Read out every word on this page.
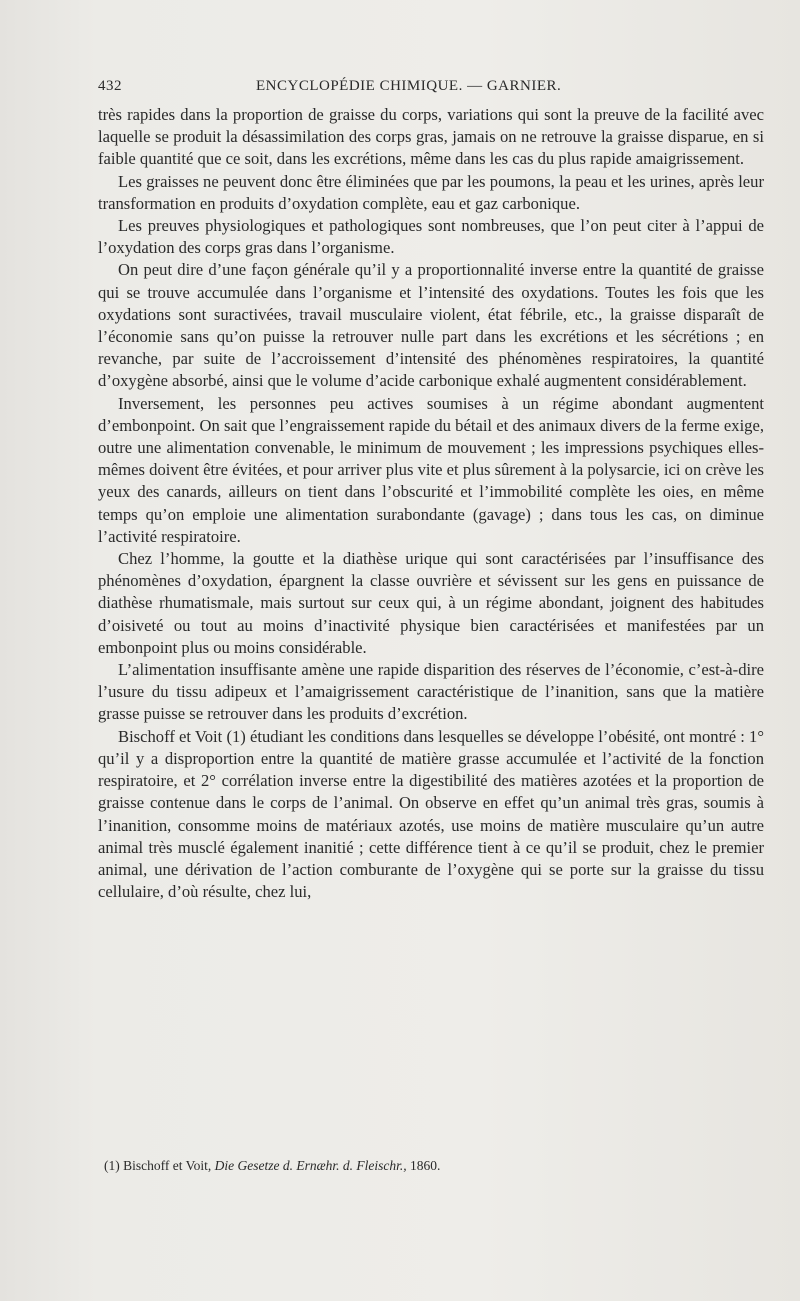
432	ENCYCLOPÉDIE CHIMIQUE. — GARNIER.

très rapides dans la proportion de graisse du corps, variations qui sont la preuve de la facilité avec laquelle se produit la désassimilation des corps gras, jamais on ne retrouve la graisse disparue, en si faible quantité que ce soit, dans les excrétions, même dans les cas du plus rapide amaigrissement.

Les graisses ne peuvent donc être éliminées que par les poumons, la peau et les urines, après leur transformation en produits d’oxydation complète, eau et gaz carbonique.

Les preuves physiologiques et pathologiques sont nombreuses, que l’on peut citer à l’appui de l’oxydation des corps gras dans l’organisme.

On peut dire d’une façon générale qu’il y a proportionnalité inverse entre la quantité de graisse qui se trouve accumulée dans l’organisme et l’intensité des oxydations. Toutes les fois que les oxydations sont suractivées, travail musculaire violent, état fébrile, etc., la graisse disparaît de l’économie sans qu’on puisse la retrouver nulle part dans les excrétions et les sécrétions ; en revanche, par suite de l’accroissement d’intensité des phénomènes respiratoires, la quantité d’oxygène absorbé, ainsi que le volume d’acide carbonique exhalé augmentent considérablement.

Inversement, les personnes peu actives soumises à un régime abondant augmentent d’embonpoint. On sait que l’engraissement rapide du bétail et des animaux divers de la ferme exige, outre une alimentation convenable, le minimum de mouvement ; les impressions psychiques elles-mêmes doivent être évitées, et pour arriver plus vite et plus sûrement à la polysarcie, ici on crève les yeux des canards, ailleurs on tient dans l’obscurité et l’immobilité complète les oies, en même temps qu’on emploie une alimentation surabondante (gavage) ; dans tous les cas, on diminue l’activité respiratoire.

Chez l’homme, la goutte et la diathèse urique qui sont caractérisées par l’insuffisance des phénomènes d’oxydation, épargnent la classe ouvrière et sévissent sur les gens en puissance de diathèse rhumatismale, mais surtout sur ceux qui, à un régime abondant, joignent des habitudes d’oisiveté ou tout au moins d’inactivité physique bien caractérisées et manifestées par un embonpoint plus ou moins considérable.

L’alimentation insuffisante amène une rapide disparition des réserves de l’économie, c’est-à-dire l’usure du tissu adipeux et l’amaigrissement caractéristique de l’inanition, sans que la matière grasse puisse se retrouver dans les produits d’excrétion.

Bischoff et Voit (1) étudiant les conditions dans lesquelles se développe l’obésité, ont montré : 1° qu’il y a disproportion entre la quantité de matière grasse accumulée et l’activité de la fonction respiratoire, et 2° corrélation inverse entre la digestibilité des matières azotées et la proportion de graisse contenue dans le corps de l’animal. On observe en effet qu’un animal très gras, soumis à l’inanition, consomme moins de matériaux azotés, use moins de matière musculaire qu’un autre animal très musclé également inanitié ; cette différence tient à ce qu’il se produit, chez le premier animal, une dérivation de l’action comburante de l’oxygène qui se porte sur la graisse du tissu cellulaire, d’où résulte, chez lui,

(1) Bischoff et Voit, Die Gesetze d. Ernæhr. d. Fleischr., 1860.
